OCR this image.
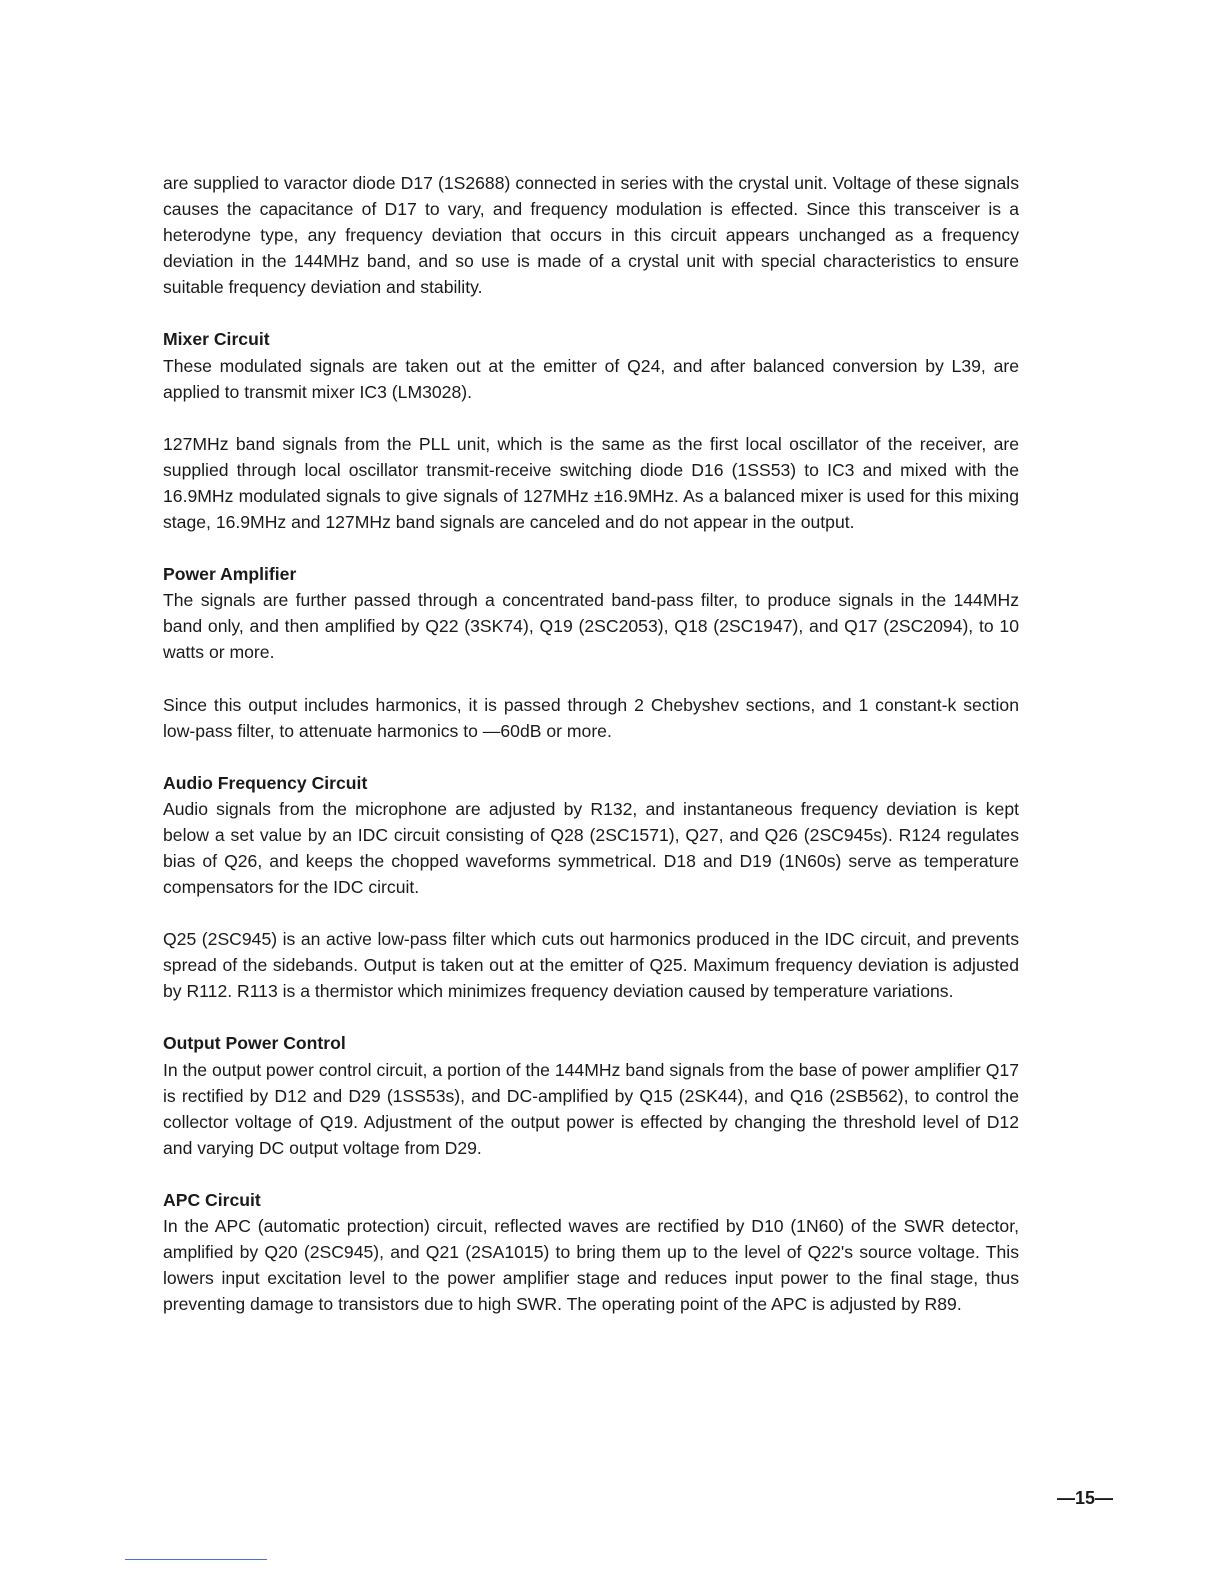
are supplied to varactor diode D17 (1S2688) connected in series with the crystal unit. Voltage of these signals causes the capacitance of D17 to vary, and frequency modulation is effected. Since this transceiver is a heterodyne type, any frequency deviation that occurs in this circuit appears unchanged as a frequency deviation in the 144MHz band, and so use is made of a crystal unit with special characteristics to ensure suitable frequency deviation and stability.

Mixer Circuit

These modulated signals are taken out at the emitter of Q24, and after balanced conversion by L39, are applied to transmit mixer IC3 (LM3028).

127MHz band signals from the PLL unit, which is the same as the first local oscillator of the receiver, are supplied through local oscillator transmit-receive switching diode D16 (1SS53) to IC3 and mixed with the 16.9MHz modulated signals to give signals of 127MHz ±16.9MHz. As a balanced mixer is used for this mixing stage, 16.9MHz and 127MHz band signals are canceled and do not appear in the output.

Power Amplifier

The signals are further passed through a concentrated band-pass filter, to produce signals in the 144MHz band only, and then amplified by Q22 (3SK74), Q19 (2SC2053), Q18 (2SC1947), and Q17 (2SC2094), to 10 watts or more.

Since this output includes harmonics, it is passed through 2 Chebyshev sections, and 1 constant-k section low-pass filter, to attenuate harmonics to —60dB or more.

Audio Frequency Circuit

Audio signals from the microphone are adjusted by R132, and instantaneous frequency deviation is kept below a set value by an IDC circuit consisting of Q28 (2SC1571), Q27, and Q26 (2SC945s). R124 regulates bias of Q26, and keeps the chopped waveforms symmetrical. D18 and D19 (1N60s) serve as temperature compensators for the IDC circuit.

Q25 (2SC945) is an active low-pass filter which cuts out harmonics produced in the IDC circuit, and prevents spread of the sidebands. Output is taken out at the emitter of Q25. Maximum frequency deviation is adjusted by R112. R113 is a thermistor which minimizes frequency deviation caused by temperature variations.

Output Power Control

In the output power control circuit, a portion of the 144MHz band signals from the base of power amplifier Q17 is rectified by D12 and D29 (1SS53s), and DC-amplified by Q15 (2SK44), and Q16 (2SB562), to control the collector voltage of Q19. Adjustment of the output power is effected by changing the threshold level of D12 and varying DC output voltage from D29.

APC Circuit

In the APC (automatic protection) circuit, reflected waves are rectified by D10 (1N60) of the SWR detector, amplified by Q20 (2SC945), and Q21 (2SA1015) to bring them up to the level of Q22's source voltage. This lowers input excitation level to the power amplifier stage and reduces input power to the final stage, thus preventing damage to transistors due to high SWR. The operating point of the APC is adjusted by R89.

—15—
